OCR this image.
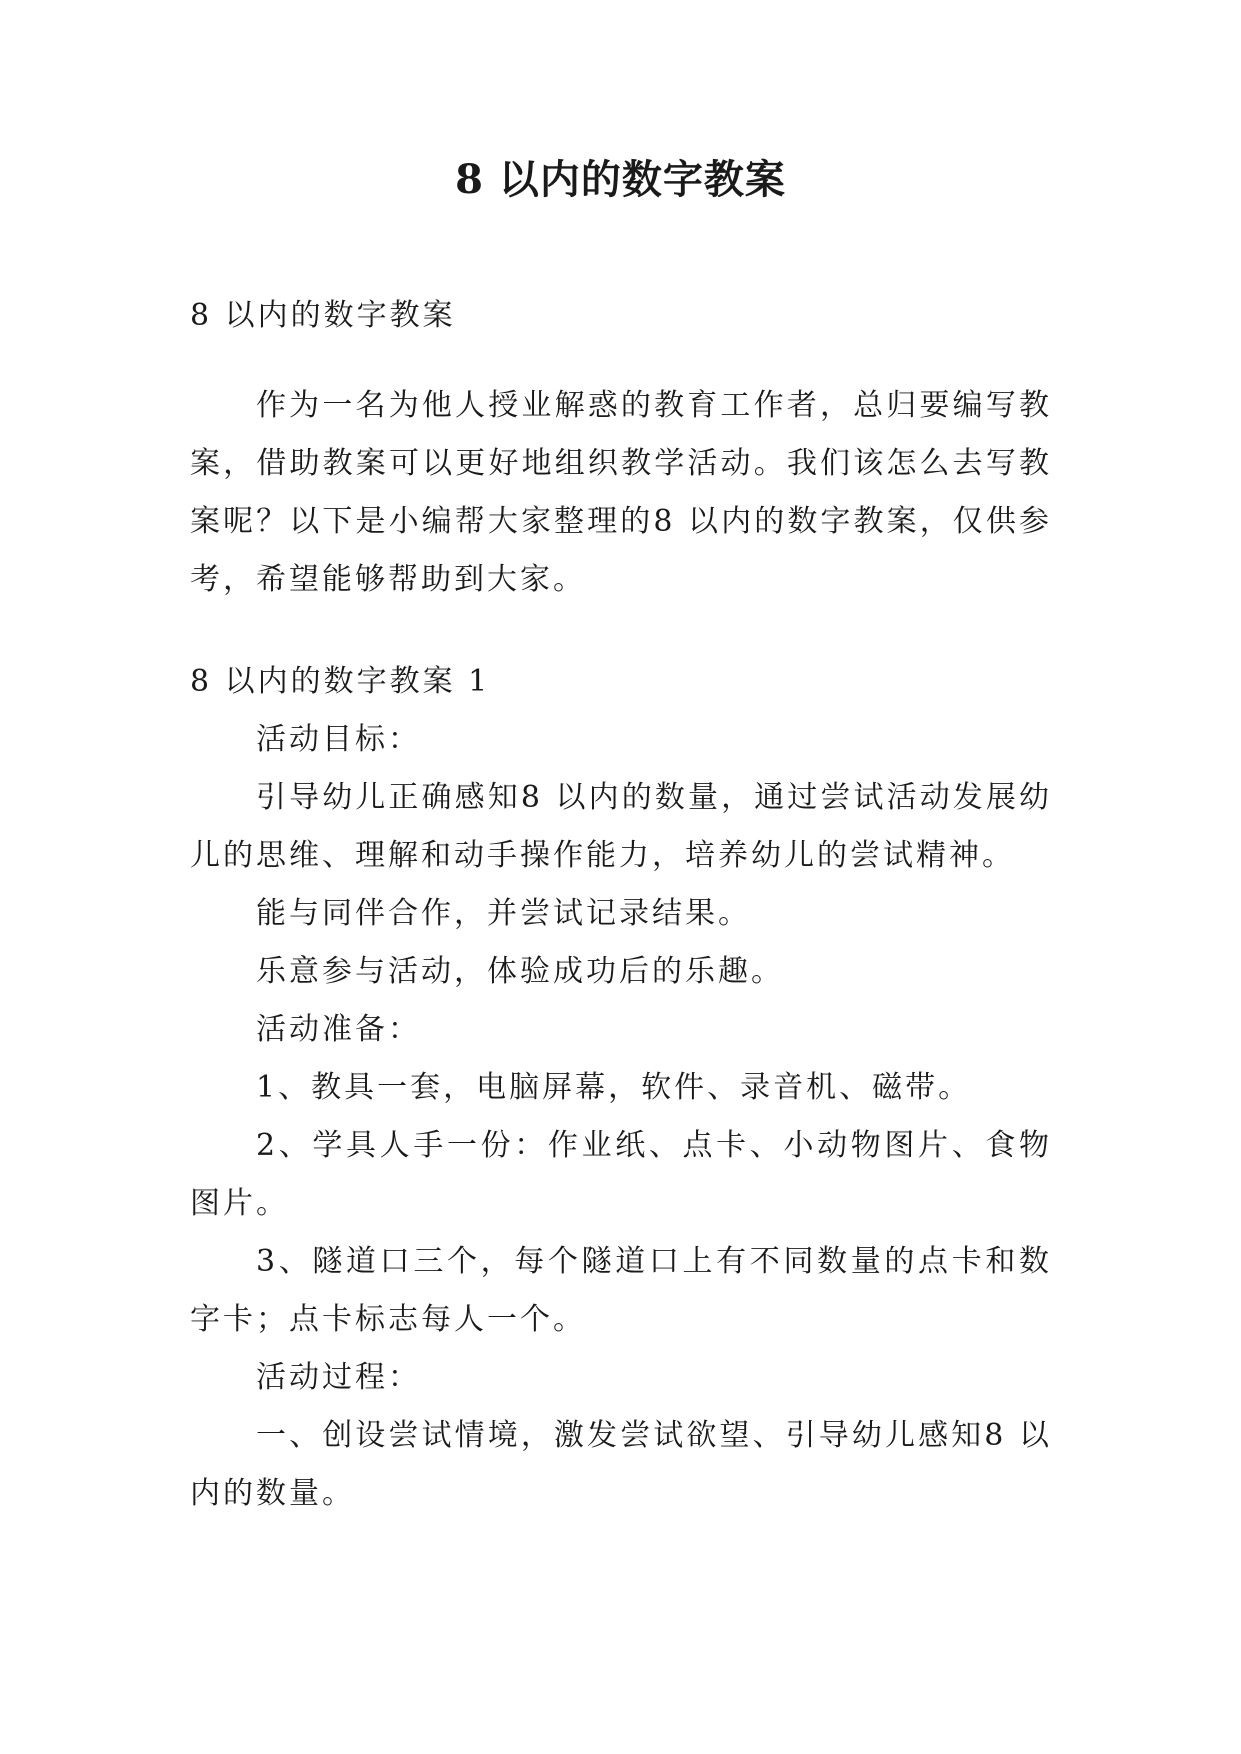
8 以内的数字教案

8 以内的数字教案

作为一名为他人授业解惑的教育工作者，总归要编写教案，借助教案可以更好地组织教学活动。我们该怎么去写教案呢？以下是小编帮大家整理的8 以内的数字教案，仅供参考，希望能够帮助到大家。

8 以内的数字教案 1

活动目标：

引导幼儿正确感知8 以内的数量，通过尝试活动发展幼儿的思维、理解和动手操作能力，培养幼儿的尝试精神。

能与同伴合作，并尝试记录结果。

乐意参与活动，体验成功后的乐趣。

活动准备：

1、教具一套，电脑屏幕，软件、录音机、磁带。

2、学具人手一份：作业纸、点卡、小动物图片、食物图片。

3、隧道口三个，每个隧道口上有不同数量的点卡和数字卡；点卡标志每人一个。

活动过程：

一、创设尝试情境，激发尝试欲望、引导幼儿感知8 以内的数量。
